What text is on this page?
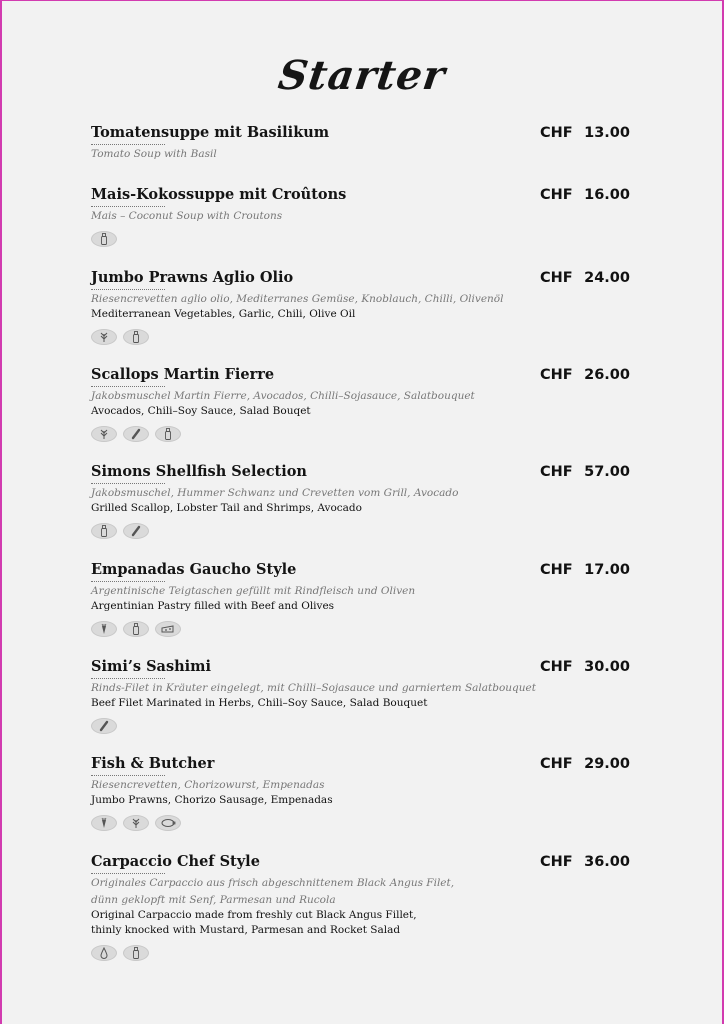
Starter
Tomatensuppe mit Basilikum	CHF 13.00
Tomato Soup with Basil
Mais-Kokossuppe mit Croûtons	CHF 16.00
Mais – Coconut Soup with Croutons
Jumbo Prawns Aglio Olio	CHF 24.00
Riesencrevetten aglio olio, Mediterranes Gemüse, Knoblauch, Chilli, Olivenöl
Mediterranean Vegetables, Garlic, Chili, Olive Oil
Scallops Martin Fierre	CHF 26.00
Jakobsmuschel Martin Fierre, Avocados, Chilli–Sojasauce, Salatbouquet
Avocados, Chili–Soy Sauce, Salad Bouqet
Simons Shellfish Selection	CHF 57.00
Jakobsmuschel, Hummer Schwanz und Crevetten vom Grill, Avocado
Grilled Scallop, Lobster Tail and Shrimps, Avocado
Empanadas Gaucho Style	CHF 17.00
Argentinische Teigtaschen gefüllt mit Rindfleisch und Oliven
Argentinian Pastry filled with Beef and Olives
Simi’s Sashimi	CHF 30.00
Rinds-Filet in Kräuter eingelegt, mit Chilli–Sojasauce und garniertem Salatbouquet
Beef Filet Marinated in Herbs, Chili–Soy Sauce, Salad Bouquet
Fish & Butcher	CHF 29.00
Riesencrevetten, Chorizowurst, Empenadas
Jumbo Prawns, Chorizo Sausage, Empenadas
Carpaccio Chef Style	CHF 36.00
Originales Carpaccio aus frisch abgeschnittenem Black Angus Filet,
dünn geklopft mit Senf, Parmesan und Rucola
Original Carpaccio made from freshly cut Black Angus Fillet,
thinly knocked with Mustard, Parmesan and Rocket Salad
